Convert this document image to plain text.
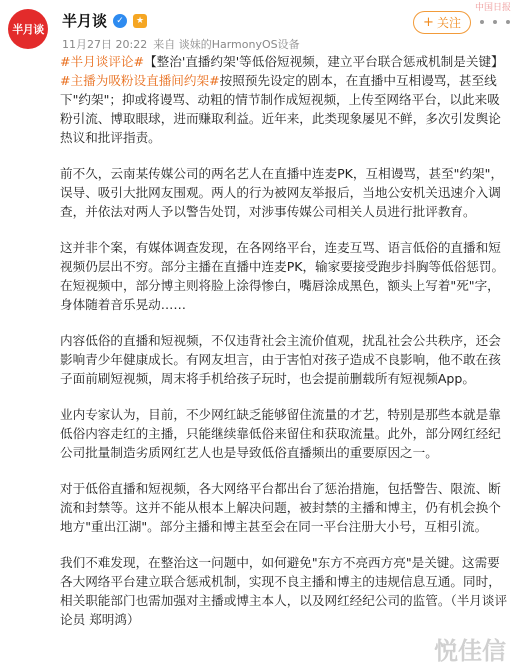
半月谈 半月谈	✓	★
11月27日 20:22 来自 谈妹的HarmonyOS设备
+ 关注
中国日报

#半月谈评论#【整治'直播约架'等低俗短视频，建立平台联合惩戒机制是关键】#主播为吸粉设直播间约架#按照预先设定的剧本，在直播中互相谩骂，甚至线下"约架"；抑或将谩骂、动粗的情节制作成短视频，上传至网络平台，以此来吸粉引流、博取眼球，进而赚取利益。近年来，此类现象屡见不鲜，多次引发舆论热议和批评指责。

前不久，云南某传媒公司的两名艺人在直播中连麦PK，互相谩骂，甚至"约架"，误导、吸引大批网友围观。两人的行为被网友举报后，当地公安机关迅速介入调查，并依法对两人予以警告处罚，对涉事传媒公司相关人员进行批评教育。

这并非个案，有媒体调查发现，在各网络平台，连麦互骂、语言低俗的直播和短视频仍层出不穷。部分主播在直播中连麦PK，输家要接受跑步抖胸等低俗惩罚。在短视频中，部分博主则将脸上涂得惨白，嘴唇涂成黑色，额头上写着"死"字，身体随着音乐晃动……

内容低俗的直播和短视频，不仅违背社会主流价值观，扰乱社会公共秩序，还会影响青少年健康成长。有网友坦言，由于害怕对孩子造成不良影响，他不敢在孩子面前刷短视频，周末将手机给孩子玩时，也会提前删载所有短视频App。

业内专家认为，目前，不少网红缺乏能够留住流量的才艺，特别是那些本就是靠低俗内容走红的主播，只能继续靠低俗来留住和获取流量。此外，部分网红经纪公司批量制造劣质网红艺人也是导致低俗直播频出的重要原因之一。

对于低俗直播和短视频，各大网络平台都出台了惩治措施，包括警告、限流、断流和封禁等。这并不能从根本上解决问题，被封禁的主播和博主，仍有机会换个地方"重出江湖"。部分主播和博主甚至会在同一平台注册大小号，互相引流。

我们不难发现，在整治这一问题中，如何避免"东方不亮西方亮"是关键。这需要各大网络平台建立联合惩戒机制，实现不良主播和博主的违规信息互通。同时，相关职能部门也需加强对主播或博主本人，以及网红经纪公司的监管。（半月谈评论员 郑明鸿）

悦佳信
